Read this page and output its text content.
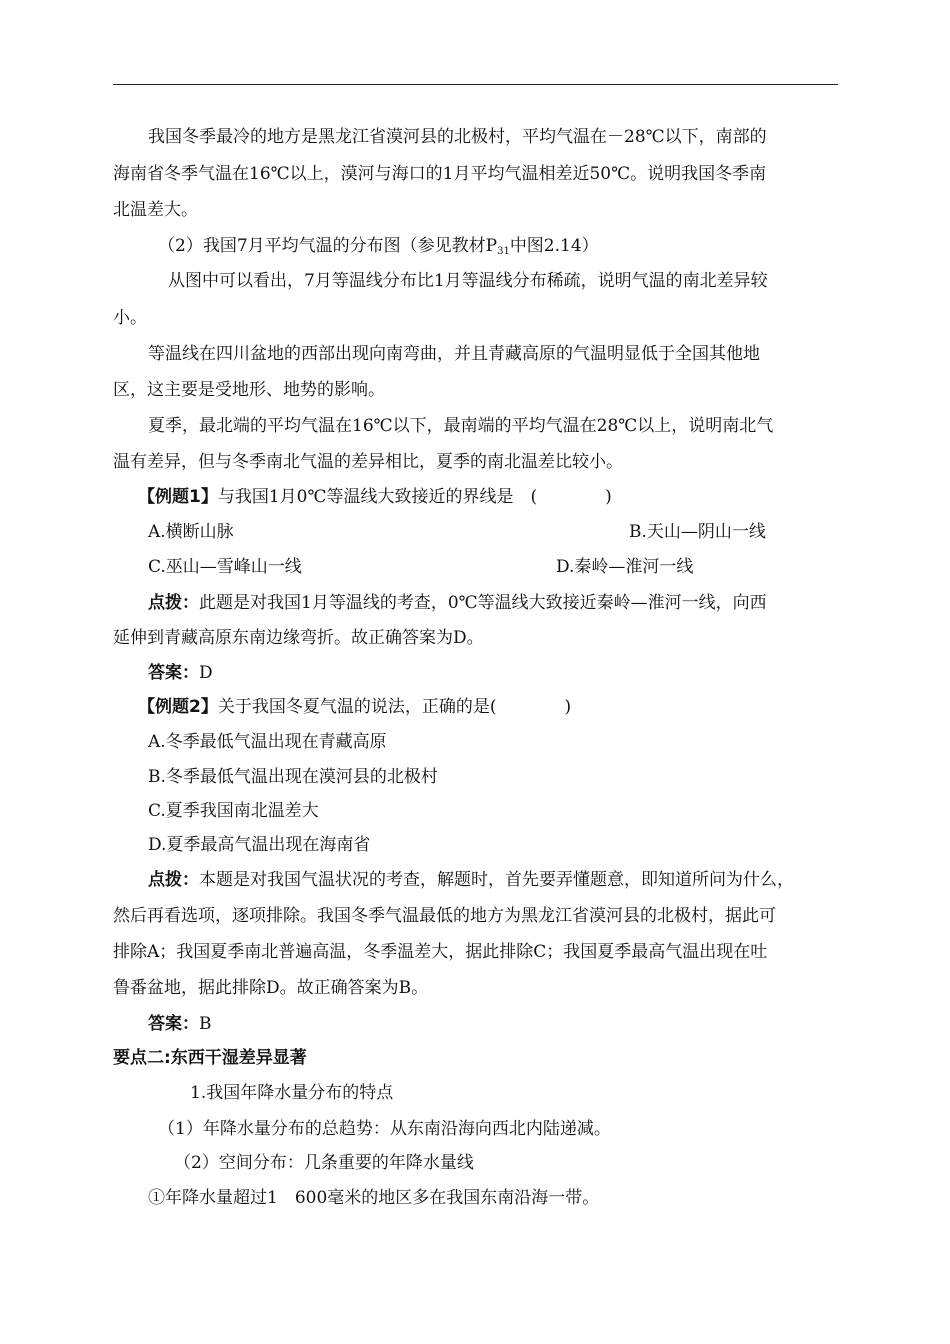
我国冬季最冷的地方是黑龙江省漠河县的北极村，平均气温在－28℃以下，南部的
海南省冬季气温在16℃以上，漠河与海口的1月平均气温相差近50℃。说明我国冬季南
北温差大。
（2）我国7月平均气温的分布图（参见教材$P_{31}$中图2.14）
从图中可以看出，7月等温线分布比1月等温线分布稀疏，说明气温的南北差异较
小。
等温线在四川盆地的西部出现向南弯曲，并且青藏高原的气温明显低于全国其他地
区，这主要是受地形、地势的影响。
夏季，最北端的平均气温在16℃以下，最南端的平均气温在28℃以上，说明南北气
温有差异，但与冬季南北气温的差异相比，夏季的南北温差比较小。
【例题1】与我国1月0℃等温线大致接近的界线是　(　　　　)
A.横断山脉	B.天山—阴山一线
C.巫山—雪峰山一线	D.秦岭—淮河一线
点拨：此题是对我国1月等温线的考查，0℃等温线大致接近秦岭—淮河一线，向西
延伸到青藏高原东南边缘弯折。故正确答案为D。
答案：D
【例题2】关于我国冬夏气温的说法，正确的是(　　　　)
A.冬季最低气温出现在青藏高原
B.冬季最低气温出现在漠河县的北极村
C.夏季我国南北温差大
D.夏季最高气温出现在海南省
点拨：本题是对我国气温状况的考查，解题时，首先要弄懂题意，即知道所问为什么，
然后再看选项，逐项排除。我国冬季气温最低的地方为黑龙江省漠河县的北极村，据此可
排除A；我国夏季南北普遍高温，冬季温差大，据此排除C；我国夏季最高气温出现在吐
鲁番盆地，据此排除D。故正确答案为B。
答案：B
要点二:东西干湿差异显著
1.我国年降水量分布的特点
（1）年降水量分布的总趋势：从东南沿海向西北内陆递减。
（2）空间分布：几条重要的年降水量线
①年降水量超过1　600毫米的地区多在我国东南沿海一带。
